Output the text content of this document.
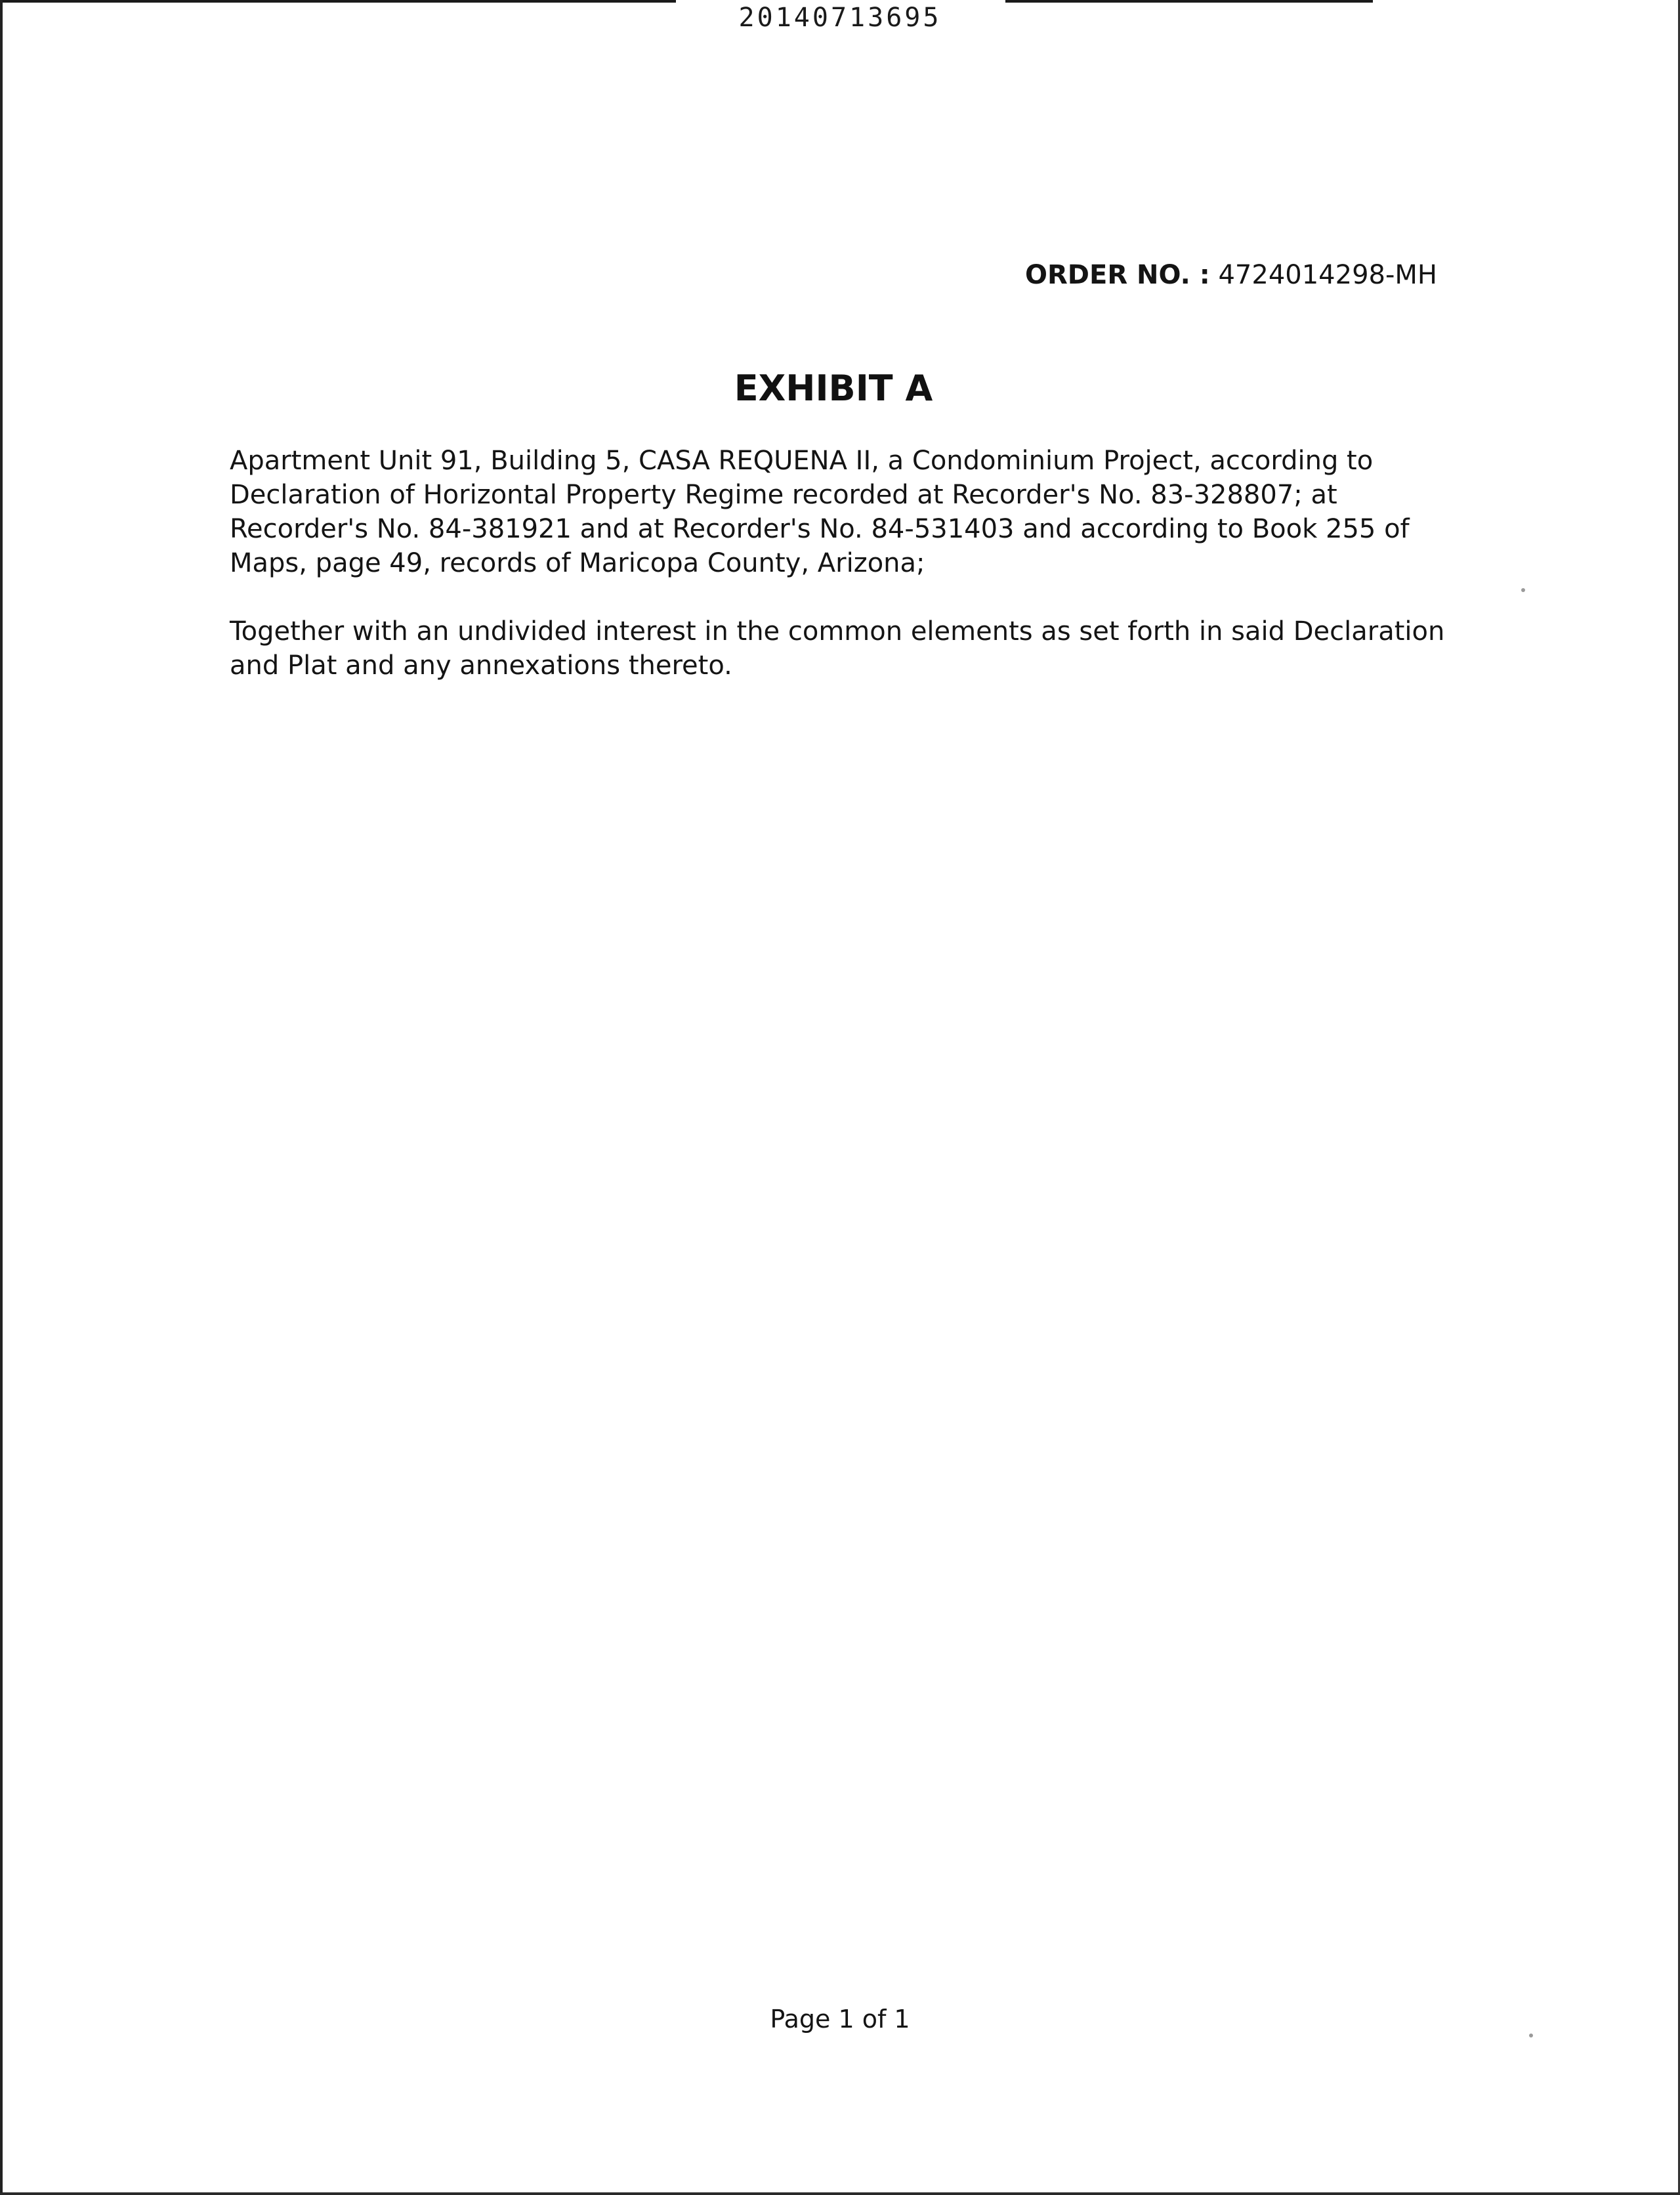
20140713695
ORDER NO. : 4724014298-MH
EXHIBIT A

Apartment Unit 91, Building 5, CASA REQUENA II, a Condominium Project, according to Declaration of Horizontal Property Regime recorded at Recorder's No. 83-328807; at Recorder's No. 84-381921 and at Recorder's No. 84-531403 and according to Book 255 of Maps, page 49, records of Maricopa County, Arizona;

Together with an undivided interest in the common elements as set forth in said Declaration and Plat and any annexations thereto.

Page 1 of 1
